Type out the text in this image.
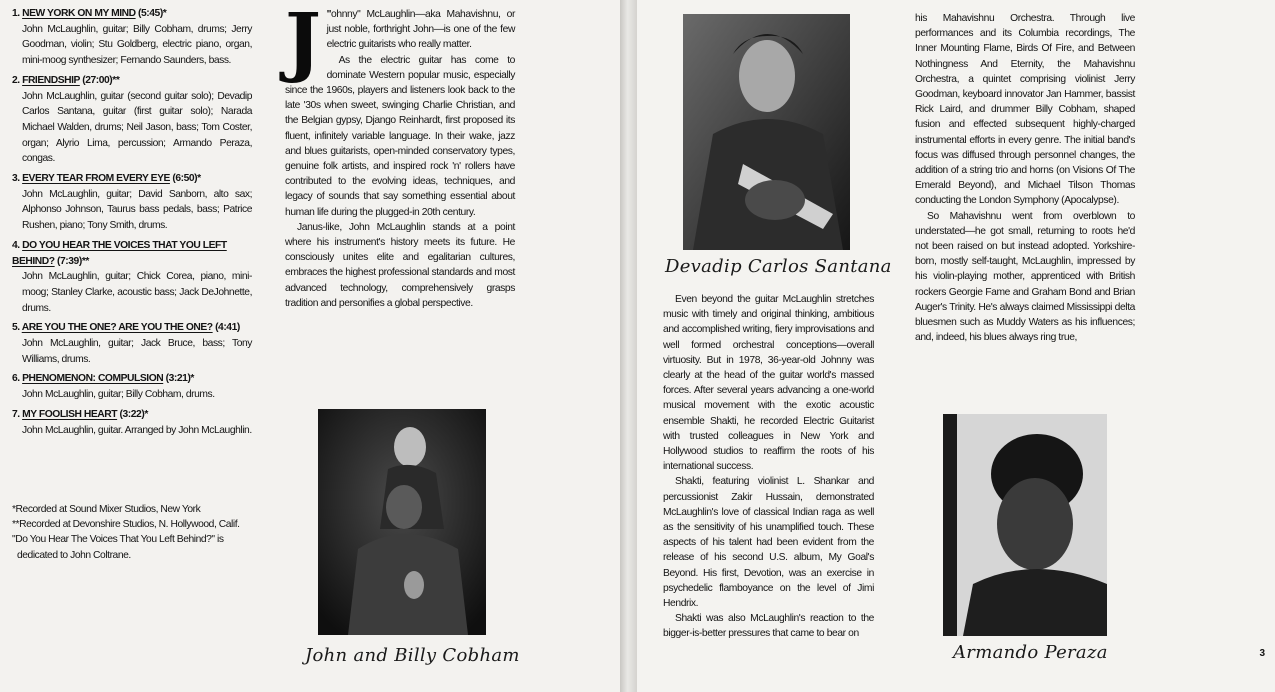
1. NEW YORK ON MY MIND (5:45)*
John McLaughlin, guitar; Billy Cobham, drums; Jerry Goodman, violin; Stu Goldberg, electric piano, organ, mini-moog synthesizer; Fernando Saunders, bass.
2. FRIENDSHIP (27:00)**
John McLaughlin, guitar (second guitar solo); Devadip Carlos Santana, guitar (first guitar solo); Narada Michael Walden, drums; Neil Jason, bass; Tom Coster, organ; Alyrio Lima, percussion; Armando Peraza, congas.
3. EVERY TEAR FROM EVERY EYE (6:50)*
John McLaughlin, guitar; David Sanborn, alto sax; Alphonso Johnson, Taurus bass pedals, bass; Patrice Rushen, piano; Tony Smith, drums.
4. DO YOU HEAR THE VOICES THAT YOU LEFT BEHIND? (7:39)**
John McLaughlin, guitar; Chick Corea, piano, mini-moog; Stanley Clarke, acoustic bass; Jack DeJohnette, drums.
5. ARE YOU THE ONE? ARE YOU THE ONE? (4:41)
John McLaughlin, guitar; Jack Bruce, bass; Tony Williams, drums.
6. PHENOMENON: COMPULSION (3:21)*
John McLaughlin, guitar; Billy Cobham, drums.
7. MY FOOLISH HEART (3:22)*
John McLaughlin, guitar. Arranged by John McLaughlin.
*Recorded at Sound Mixer Studios, New York
**Recorded at Devonshire Studios, N. Hollywood, Calif.
"Do You Hear The Voices That You Left Behind?" is dedicated to John Coltrane.

"
J ohnny" McLaughlin—aka Mahavishnu, or just noble, forthright John—is one of the few electric guitarists who really matter.

As the electric guitar has come to dominate Western popular music, especially since the 1960s, players and listeners look back to the late '30s when sweet, swinging Charlie Christian, and the Belgian gypsy, Django Reinhardt, first proposed its fluent, infinitely variable language. In their wake, jazz and blues guitarists, open-minded conservatory types, genuine folk artists, and inspired rock 'n' rollers have contributed to the evolving ideas, techniques, and legacy of sounds that say something essential about human life during the plugged-in 20th century.

Janus-like, John McLaughlin stands at a point where his instrument's history meets its future. He consciously unites elite and egalitarian cultures, embraces the highest professional standards and most advanced technology, comprehensively grasps tradition and personifies a global perspective.

John and Billy Cobham
Devadip Carlos Santana

Even beyond the guitar McLaughlin stretches music with timely and original thinking, ambitious and accomplished writing, fiery improvisations and well formed orchestral conceptions—overall virtuosity. But in 1978, 36-year-old Johnny was clearly at the head of the guitar world's massed forces. After several years advancing a one-world musical movement with the exotic acoustic ensemble Shakti, he recorded Electric Guitarist with trusted colleagues in New York and Hollywood studios to reaffirm the roots of his international success.

Shakti, featuring violinist L. Shankar and percussionist Zakir Hussain, demonstrated McLaughlin's love of classical Indian raga as well as the sensitivity of his unamplified touch. These aspects of his talent had been evident from the release of his second U.S. album, My Goal's Beyond. His first, Devotion, was an exercise in psychedelic flamboyance on the level of Jimi Hendrix.

Shakti was also McLaughlin's reaction to the bigger-is-better pressures that came to bear on

his Mahavishnu Orchestra. Through live performances and its Columbia recordings, The Inner Mounting Flame, Birds Of Fire, and Between Nothingness And Eternity, the Mahavishnu Orchestra, a quintet comprising violinist Jerry Goodman, keyboard innovator Jan Hammer, bassist Rick Laird, and drummer Billy Cobham, shaped fusion and effected subsequent highly-charged instrumental efforts in every genre. The initial band's focus was diffused through personnel changes, the addition of a string trio and horns (on Visions Of The Emerald Beyond), and Michael Tilson Thomas conducting the London Symphony (Apocalypse).

So Mahavishnu went from overblown to understated—he got small, returning to roots he'd not been raised on but instead adopted. Yorkshire-born, mostly self-taught, McLaughlin, impressed by his violin-playing mother, apprenticed with British rockers Georgie Fame and Graham Bond and Brian Auger's Trinity. He's always claimed Mississippi delta bluesmen such as Muddy Waters as his influences; and, indeed, his blues always ring true,

Armando Peraza	3
